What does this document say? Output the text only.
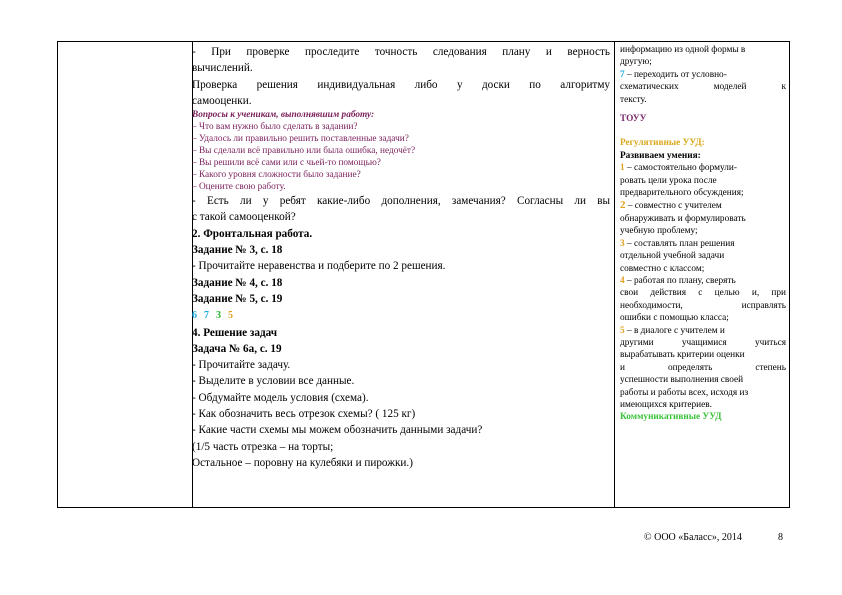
- При проверке проследите точность следования плану и верность

вычислений.

Проверка решения индивидуальная либо у доски по алгоритму

самооценки.

Вопросы к ученикам, выполнявшим работу:

– Что вам нужно было сделать в задании?

– Удалось ли правильно решить поставленные задачи?

– Вы сделали всё правильно или была ошибка, недочёт?

– Вы решили всё сами или с чьей-то помощью?

– Какого уровня сложности было задание?

– Оцените свою работу.

- Есть ли у ребят какие-либо дополнения, замечания? Согласны ли вы

с такой самооценкой?

2. Фронтальная работа.

Задание № 3, с. 18

- Прочитайте неравенства и подберите по 2 решения.

Задание № 4, с. 18

Задание № 5, с. 19

6 7 3 5

4. Решение задач

Задача № 6а, с. 19

- Прочитайте задачу.

- Выделите в условии все данные.

- Обдумайте модель условия (схема).

- Как обозначить весь отрезок схемы? ( 125 кг)

- Какие части схемы мы можем обозначить данными задачи?

(1/5 часть отрезка – на торты;

Остальное – поровну на кулебяки и пирожки.)

информацию из одной формы в

другую;

7 – переходить от условно-

схематических моделей к

тексту.

ТОУУ

Регулятивные УУД:

Развиваем умения:

1 – самостоятельно формули-

ровать цели урока после

предварительного обсуждения;

2 – совместно с учителем

обнаруживать и формулировать

учебную проблему;

3 – составлять план решения

отдельной учебной задачи

совместно с классом;

4 – работая по плану, сверять

свои действия с целью и, при

необходимости, исправлять

ошибки с помощью класса;

5 – в диалоге с учителем и

другими учащимися учиться

вырабатывать критерии оценки

и определять степень

успешности выполнения своей

работы и работы всех, исходя из

имеющихся критериев.

Коммуникативные УУД

© ООО «Баласс», 2014	8
